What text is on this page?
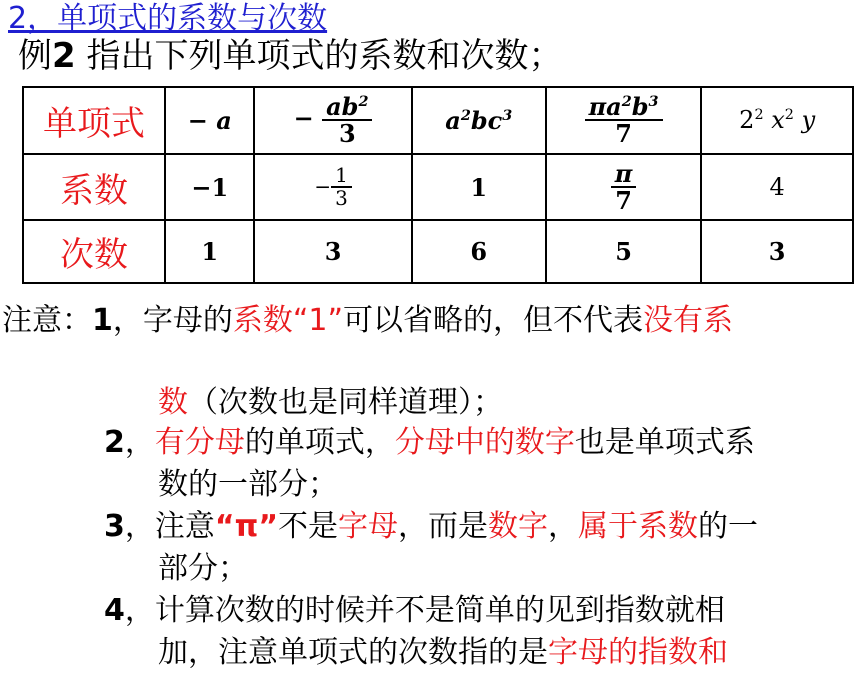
2，单项式的系数与次数
例2 指出下列单项式的系数和次数；
单项式	− a	− $\frac{ab^2}{3}$	$a^2bc^3$	$\frac{\pi a^2b^3}{7}$	$2^2$ $x^2$ y
系数	−1	− $\frac{1}{3}$	1	$\frac{\pi}{7}$	4
次数	1	3	6	5	3
注意：1，字母的系数“1”可以省略的，但不代表没有系
数（次数也是同样道理）；
2，有分母的单项式，分母中的数字也是单项式系
数的一部分；
3，注意“π”不是字母，而是数字，属于系数的一
部分；
4，计算次数的时候并不是简单的见到指数就相
加，注意单项式的次数指的是字母的指数和
